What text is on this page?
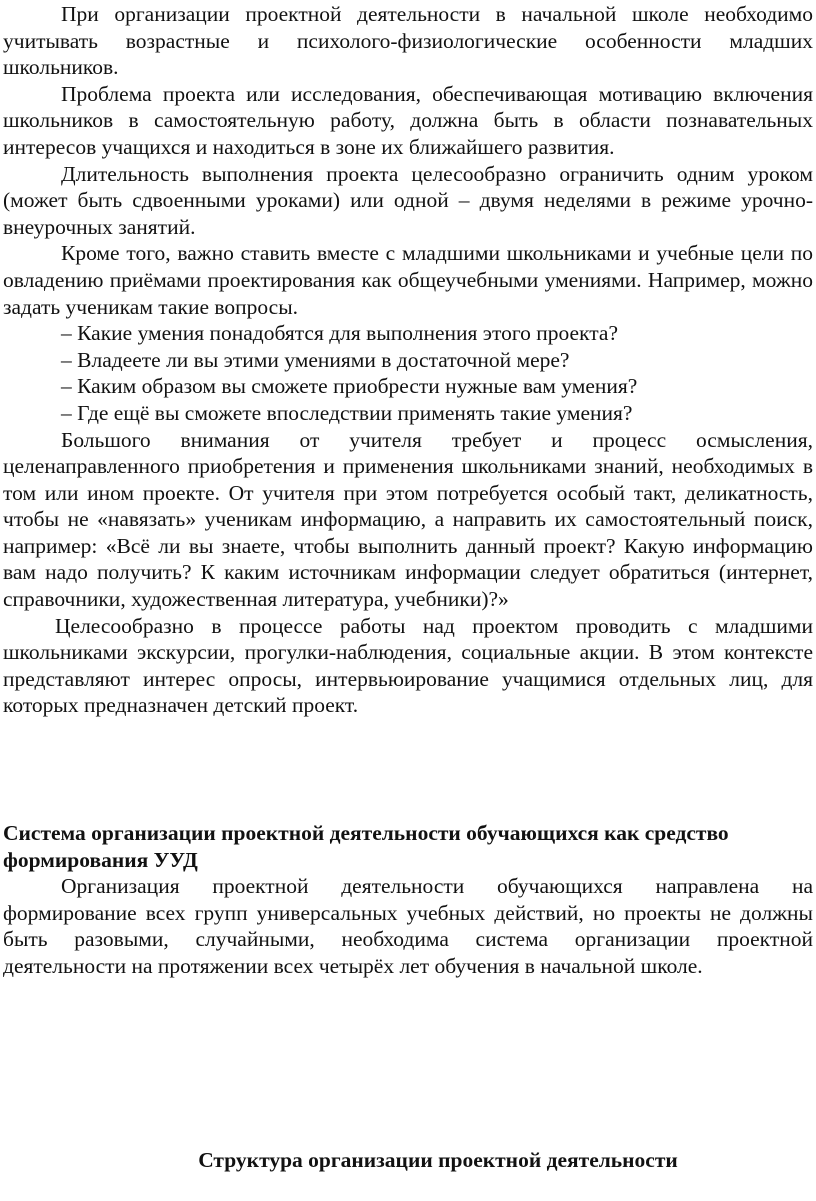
При организации проектной деятельности в начальной школе необходимо учитывать возрастные и психолого-физиологические особенности младших школьников.

Проблема проекта или исследования, обеспечивающая мотивацию включения школьников в самостоятельную работу, должна быть в области познавательных интересов учащихся и находиться в зоне их ближайшего развития.

Длительность выполнения проекта целесообразно ограничить одним уроком (может быть сдвоенными уроками) или одной – двумя неделями в режиме урочно-внеурочных занятий.

Кроме того, важно ставить вместе с младшими школьниками и учебные цели по овладению приёмами проектирования как общеучебными умениями. Например, можно задать ученикам такие вопросы.

– Какие умения понадобятся для выполнения этого проекта?

– Владеете ли вы этими умениями в достаточной мере?

– Каким образом вы сможете приобрести нужные вам умения?

– Где ещё вы сможете впоследствии применять такие умения?

Большого внимания от учителя требует и процесс осмысления, целенаправленного приобретения и применения школьниками знаний, необходимых в том или ином проекте. От учителя при этом потребуется особый такт, деликатность, чтобы не «навязать» ученикам информацию, а направить их самостоятельный поиск, например: «Всё ли вы знаете, чтобы выполнить данный проект? Какую информацию вам надо получить? К каким источникам информации следует обратиться (интернет, справочники, художественная литература, учебники)?»

Целесообразно в процессе работы над проектом проводить с младшими школьниками экскурсии, прогулки-наблюдения, социальные акции. В этом контексте представляют интерес опросы, интервьюирование учащимися отдельных лиц, для которых предназначен детский проект.

Система организации проектной деятельности обучающихся как средство формирования УУД

Организация проектной деятельности обучающихся направлена на формирование всех групп универсальных учебных действий, но проекты не должны быть разовыми, случайными, необходима система организации проектной деятельности на протяжении всех четырёх лет обучения в начальной школе.

Структура организации проектной деятельности
